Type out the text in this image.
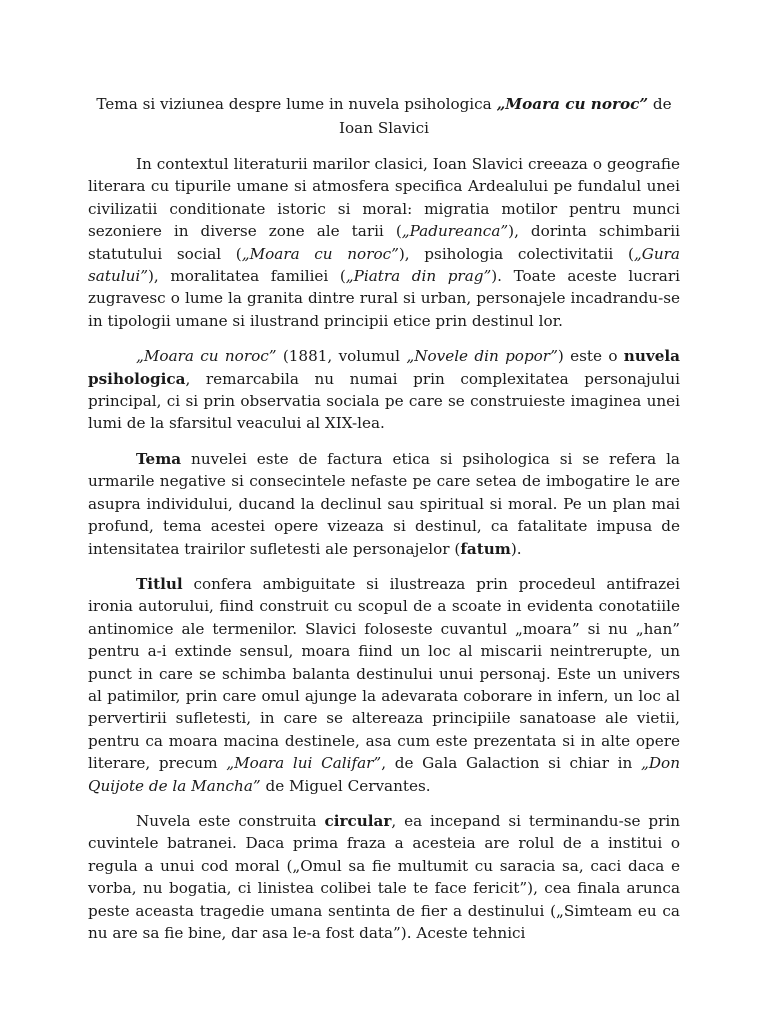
Tema si viziunea despre lume in nuvela psihologica „Moara cu noroc” de Ioan Slavici

In contextul literaturii marilor clasici, Ioan Slavici creeaza o geografie literara cu tipurile umane si atmosfera specifica Ardealului pe fundalul unei civilizatii conditionate istoric si moral: migratia motilor pentru munci sezoniere in diverse zone ale tarii („Padureanca”), dorinta schimbarii statutului social („Moara cu noroc”), psihologia colectivitatii („Gura satului”), moralitatea familiei („Piatra din prag”). Toate aceste lucrari zugravesc o lume la granita dintre rural si urban, personajele incadrandu-se in tipologii umane si ilustrand principii etice prin destinul lor.

„Moara cu noroc” (1881, volumul „Novele din popor”) este o nuvela psihologica, remarcabila nu numai prin complexitatea personajului principal, ci si prin observatia sociala pe care se construieste imaginea unei lumi de la sfarsitul veacului al XIX-lea.

Tema nuvelei este de factura etica si psihologica si se refera la urmarile negative si consecintele nefaste pe care setea de imbogatire le are asupra individului, ducand la declinul sau spiritual si moral. Pe un plan mai profund, tema acestei opere vizeaza si destinul, ca fatalitate impusa de intensitatea trairilor sufletesti ale personajelor (fatum).

Titlul confera ambiguitate si ilustreaza prin procedeul antifrazei ironia autorului, fiind construit cu scopul de a scoate in evidenta conotatiile antinomice ale termenilor. Slavici foloseste cuvantul „moara” si nu „han” pentru a-i extinde sensul, moara fiind un loc al miscarii neintrerupte, un punct in care se schimba balanta destinului unui personaj. Este un univers al patimilor, prin care omul ajunge la adevarata coborare in infern, un loc al pervertirii sufletesti, in care se altereaza principiile sanatoase ale vietii, pentru ca moara macina destinele, asa cum este prezentata si in alte opere literare, precum „Moara lui Califar”, de Gala Galaction si chiar in „Don Quijote de la Mancha” de Miguel Cervantes.

Nuvela este construita circular, ea incepand si terminandu-se prin cuvintele batranei. Daca prima fraza a acesteia are rolul de a institui o regula a unui cod moral („Omul sa fie multumit cu saracia sa, caci daca e vorba, nu bogatia, ci linistea colibei tale te face fericit”), cea finala arunca peste aceasta tragedie umana sentinta de fier a destinului („Simteam eu ca nu are sa fie bine, dar asa le-a fost data”). Aceste tehnici
